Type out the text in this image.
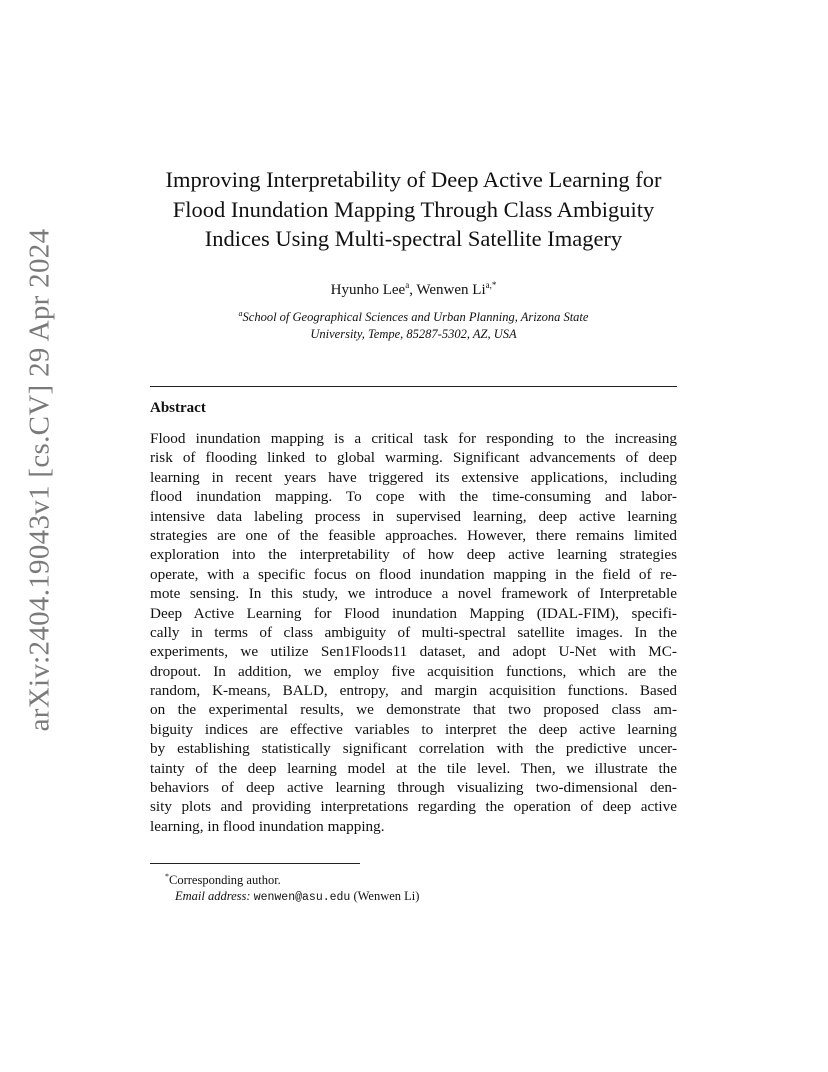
arXiv:2404.19043v1 [cs.CV] 29 Apr 2024
Improving Interpretability of Deep Active Learning for
Flood Inundation Mapping Through Class Ambiguity
Indices Using Multi-spectral Satellite Imagery
Hyunho Lee$^a$, Wenwen $Li^{a,*}$
$^a$School of Geographical Sciences and Urban Planning, Arizona State
University, Tempe, 85287-5302, AZ, USA
Abstract
Flood inundation mapping is a critical task for responding to the increasing
risk of flooding linked to global warming. Significant advancements of deep
learning in recent years have triggered its extensive applications, including
flood inundation mapping. To cope with the time-consuming and labor-
intensive data labeling process in supervised learning, deep active learning
strategies are one of the feasible approaches. However, there remains limited
exploration into the interpretability of how deep active learning strategies
operate, with a specific focus on flood inundation mapping in the field of re-
mote sensing. In this study, we introduce a novel framework of Interpretable
Deep Active Learning for Flood inundation Mapping (IDAL-FIM), specifi-
cally in terms of class ambiguity of multi-spectral satellite images. In the
experiments, we utilize Sen1Floods11 dataset, and adopt U-Net with MC-
dropout. In addition, we employ five acquisition functions, which are the
random, K-means, BALD, entropy, and margin acquisition functions. Based
on the experimental results, we demonstrate that two proposed class am-
biguity indices are effective variables to interpret the deep active learning
by establishing statistically significant correlation with the predictive uncer-
tainty of the deep learning model at the tile level. Then, we illustrate the
behaviors of deep active learning through visualizing two-dimensional den-
sity plots and providing interpretations regarding the operation of deep active
learning, in flood inundation mapping.
*Corresponding author.
Email address: wenwen@asu.edu (Wenwen Li)
